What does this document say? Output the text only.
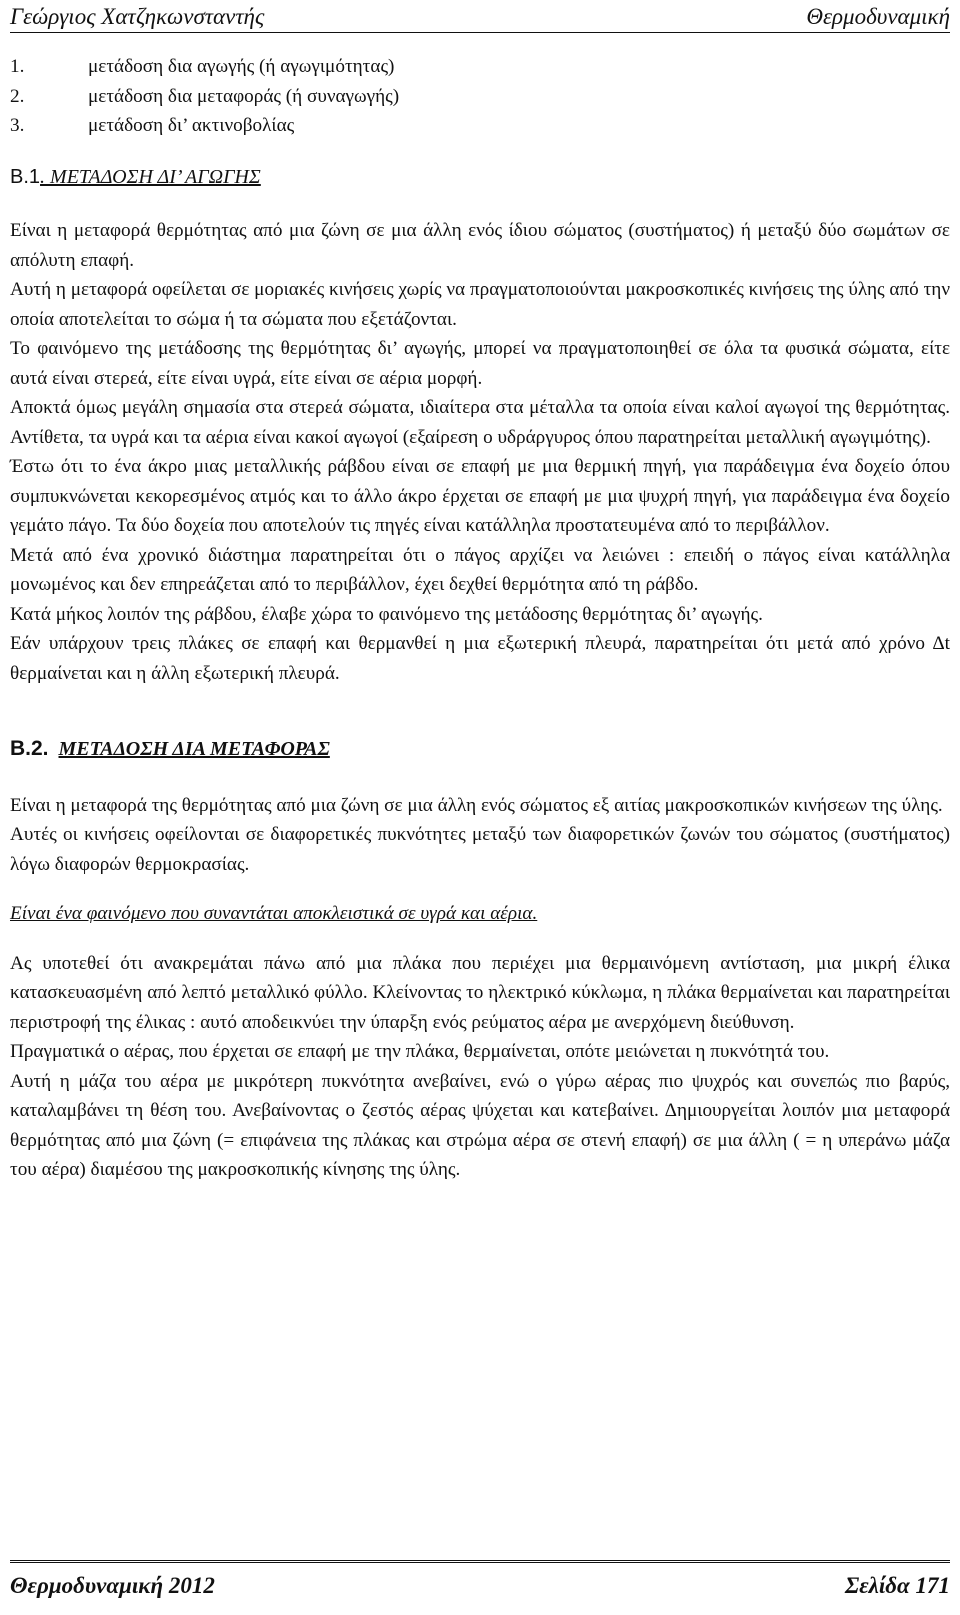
Γεώργιος Χατζηκωνσταντής	Θερμοδυναμική
1.	μετάδοση δια αγωγής (ή αγωγιμότητας)
2.	μετάδοση δια μεταφοράς (ή συναγωγής)
3.	μετάδοση δι’ ακτινοβολίας
Β.1. ΜΕΤΑΔΟΣΗ ΔΙ’ ΑΓΩΓΗΣ

Είναι η μεταφορά θερμότητας από μια ζώνη σε μια άλλη ενός ίδιου σώματος (συστήματος) ή μεταξύ δύο σωμάτων σε απόλυτη επαφή.

Αυτή η μεταφορά οφείλεται σε μοριακές κινήσεις χωρίς να πραγματοποιούνται μακροσκοπικές κινήσεις της ύλης από την οποία αποτελείται το σώμα ή τα σώματα που εξετάζονται.

Το φαινόμενο της μετάδοσης της θερμότητας δι’ αγωγής, μπορεί να πραγματοποιηθεί σε όλα τα φυσικά σώματα, είτε αυτά είναι στερεά, είτε είναι υγρά, είτε είναι σε αέρια μορφή.

Αποκτά όμως μεγάλη σημασία στα στερεά σώματα, ιδιαίτερα στα μέταλλα τα οποία είναι καλοί αγωγοί της θερμότητας. Αντίθετα, τα υγρά και τα αέρια είναι κακοί αγωγοί (εξαίρεση ο υδράργυρος όπου παρατηρείται μεταλλική αγωγιμότης).

Έστω ότι το ένα άκρο μιας μεταλλικής ράβδου είναι σε επαφή με μια θερμική πηγή, για παράδειγμα ένα δοχείο όπου συμπυκνώνεται κεκορεσμένος ατμός και το άλλο άκρο έρχεται σε επαφή με μια ψυχρή πηγή, για παράδειγμα ένα δοχείο γεμάτο πάγο. Τα δύο δοχεία που αποτελούν τις πηγές είναι κατάλληλα προστατευμένα από το περιβάλλον.

Μετά από ένα χρονικό διάστημα παρατηρείται ότι ο πάγος αρχίζει να λειώνει : επειδή ο πάγος είναι κατάλληλα μονωμένος και δεν επηρεάζεται από το περιβάλλον, έχει δεχθεί θερμότητα από τη ράβδο.

Κατά μήκος λοιπόν της ράβδου, έλαβε χώρα το φαινόμενο της μετάδοσης θερμότητας δι’ αγωγής.

Εάν υπάρχουν τρεις πλάκες σε επαφή και θερμανθεί η μια εξωτερική πλευρά, παρατηρείται ότι μετά από χρόνο Δt θερμαίνεται και η άλλη εξωτερική πλευρά.

Β.2. ΜΕΤΑΔΟΣΗ ΔΙΑ ΜΕΤΑΦΟΡΑΣ

Είναι η μεταφορά της θερμότητας από μια ζώνη σε μια άλλη ενός σώματος εξ αιτίας μακροσκοπικών κινήσεων της ύλης.

Αυτές οι κινήσεις οφείλονται σε διαφορετικές πυκνότητες μεταξύ των διαφορετικών ζωνών του σώματος (συστήματος) λόγω διαφορών θερμοκρασίας.

Είναι ένα φαινόμενο που συναντάται αποκλειστικά σε υγρά και αέρια.

Ας υποτεθεί ότι ανακρεμάται πάνω από μια πλάκα που περιέχει μια θερμαινόμενη αντίσταση, μια μικρή έλικα κατασκευασμένη από λεπτό μεταλλικό φύλλο. Κλείνοντας το ηλεκτρικό κύκλωμα, η πλάκα θερμαίνεται και παρατηρείται περιστροφή της έλικας : αυτό αποδεικνύει την ύπαρξη ενός ρεύματος αέρα με ανερχόμενη διεύθυνση.

Πραγματικά ο αέρας, που έρχεται σε επαφή με την πλάκα, θερμαίνεται, οπότε μειώνεται η πυκνότητά του.

Αυτή η μάζα του αέρα με μικρότερη πυκνότητα ανεβαίνει, ενώ ο γύρω αέρας πιο ψυχρός και συνεπώς πιο βαρύς, καταλαμβάνει τη θέση του. Ανεβαίνοντας ο ζεστός αέρας ψύχεται και κατεβαίνει. Δημιουργείται λοιπόν μια μεταφορά θερμότητας από μια ζώνη (= επιφάνεια της πλάκας και στρώμα αέρα σε στενή επαφή) σε μια άλλη ( = η υπεράνω μάζα του αέρα) διαμέσου της μακροσκοπικής κίνησης της ύλης.

Θερμοδυναμική 2012	Σελίδα 171
